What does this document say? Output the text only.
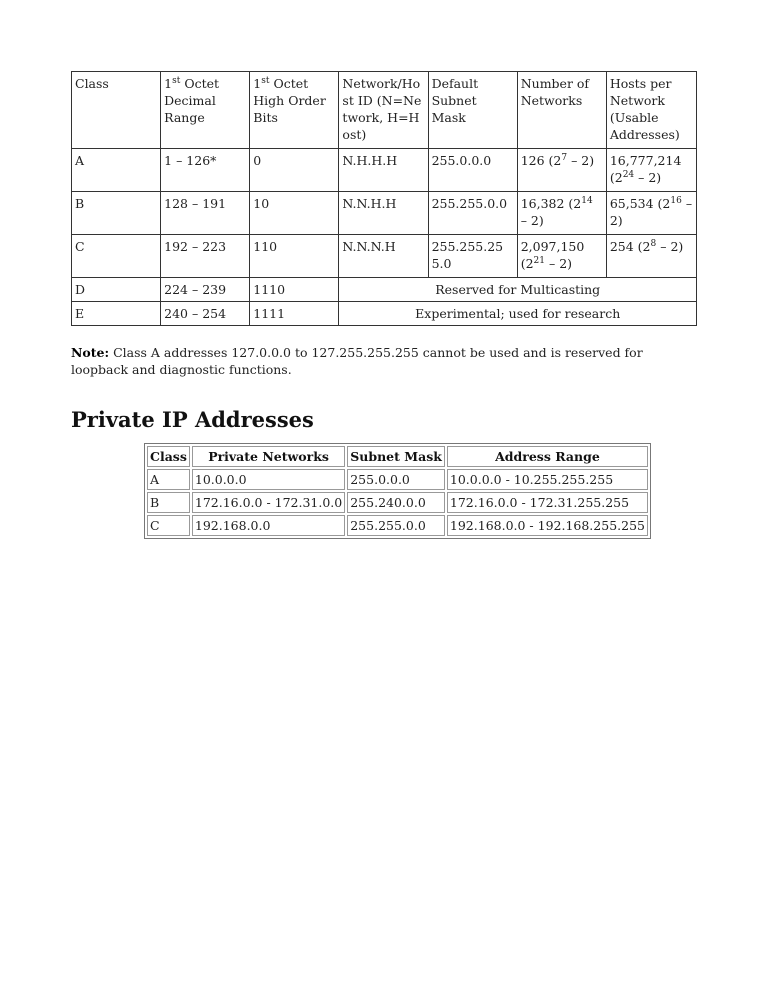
Class	1st Octet Decimal Range	1st Octet High Order Bits	Network/Host ID (N=Network, H=Host)	Default Subnet Mask	Number of Networks	Hosts per Network (Usable Addresses)
A	1 – 126*	0	N.H.H.H	255.0.0.0	126 $(2^7 - 2)$	16,777,214 $(2^{24} - 2)$
B	128 – 191	10	N.N.H.H	255.255.0.0	16,382 $(2^{14} - 2)$	65,534 $(2^{16} - 2)$
C	192 – 223	110	N.N.N.H	255.255.255.0	2,097,150 $(2^{21} - 2)$	254 $(2^8 - 2)$
D	224 – 239	1110	Reserved for Multicasting			
E	240 – 254	1111	Experimental; used for research			
Note: Class A addresses 127.0.0.0 to 127.255.255.255 cannot be used and is reserved for loopback and diagnostic functions.
Private IP Addresses
Class	Private Networks	Subnet Mask	Address Range
A	10.0.0.0	255.0.0.0	10.0.0.0 - 10.255.255.255
B	172.16.0.0 - 172.31.0.0	255.240.0.0	172.16.0.0 - 172.31.255.255
C	192.168.0.0	255.255.0.0	192.168.0.0 - 192.168.255.255
